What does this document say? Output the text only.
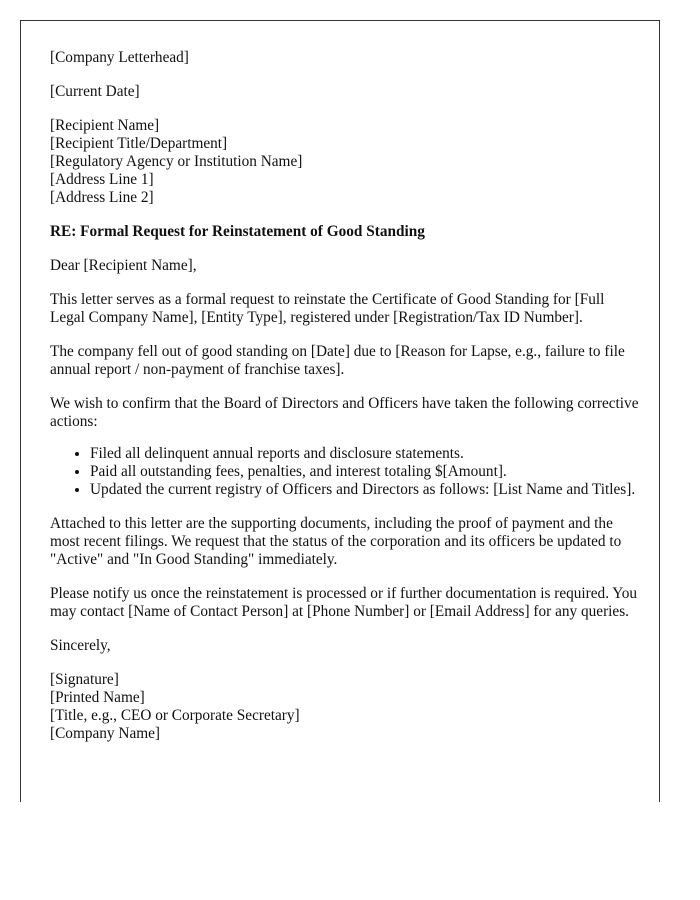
[Company Letterhead]

[Current Date]

[Recipient Name]
[Recipient Title/Department]
[Regulatory Agency or Institution Name]
[Address Line 1]
[Address Line 2]

RE: Formal Request for Reinstatement of Good Standing

Dear [Recipient Name],

This letter serves as a formal request to reinstate the Certificate of Good Standing for [Full Legal Company Name], [Entity Type], registered under [Registration/Tax ID Number].

The company fell out of good standing on [Date] due to [Reason for Lapse, e.g., failure to file annual report / non-payment of franchise taxes].

We wish to confirm that the Board of Directors and Officers have taken the following corrective actions:

• Filed all delinquent annual reports and disclosure statements.
• Paid all outstanding fees, penalties, and interest totaling $[Amount].
• Updated the current registry of Officers and Directors as follows: [List Name and Titles].

Attached to this letter are the supporting documents, including the proof of payment and the most recent filings. We request that the status of the corporation and its officers be updated to "Active" and "In Good Standing" immediately.

Please notify us once the reinstatement is processed or if further documentation is required. You may contact [Name of Contact Person] at [Phone Number] or [Email Address] for any queries.

Sincerely,

[Signature]
[Printed Name]
[Title, e.g., CEO or Corporate Secretary]
[Company Name]
